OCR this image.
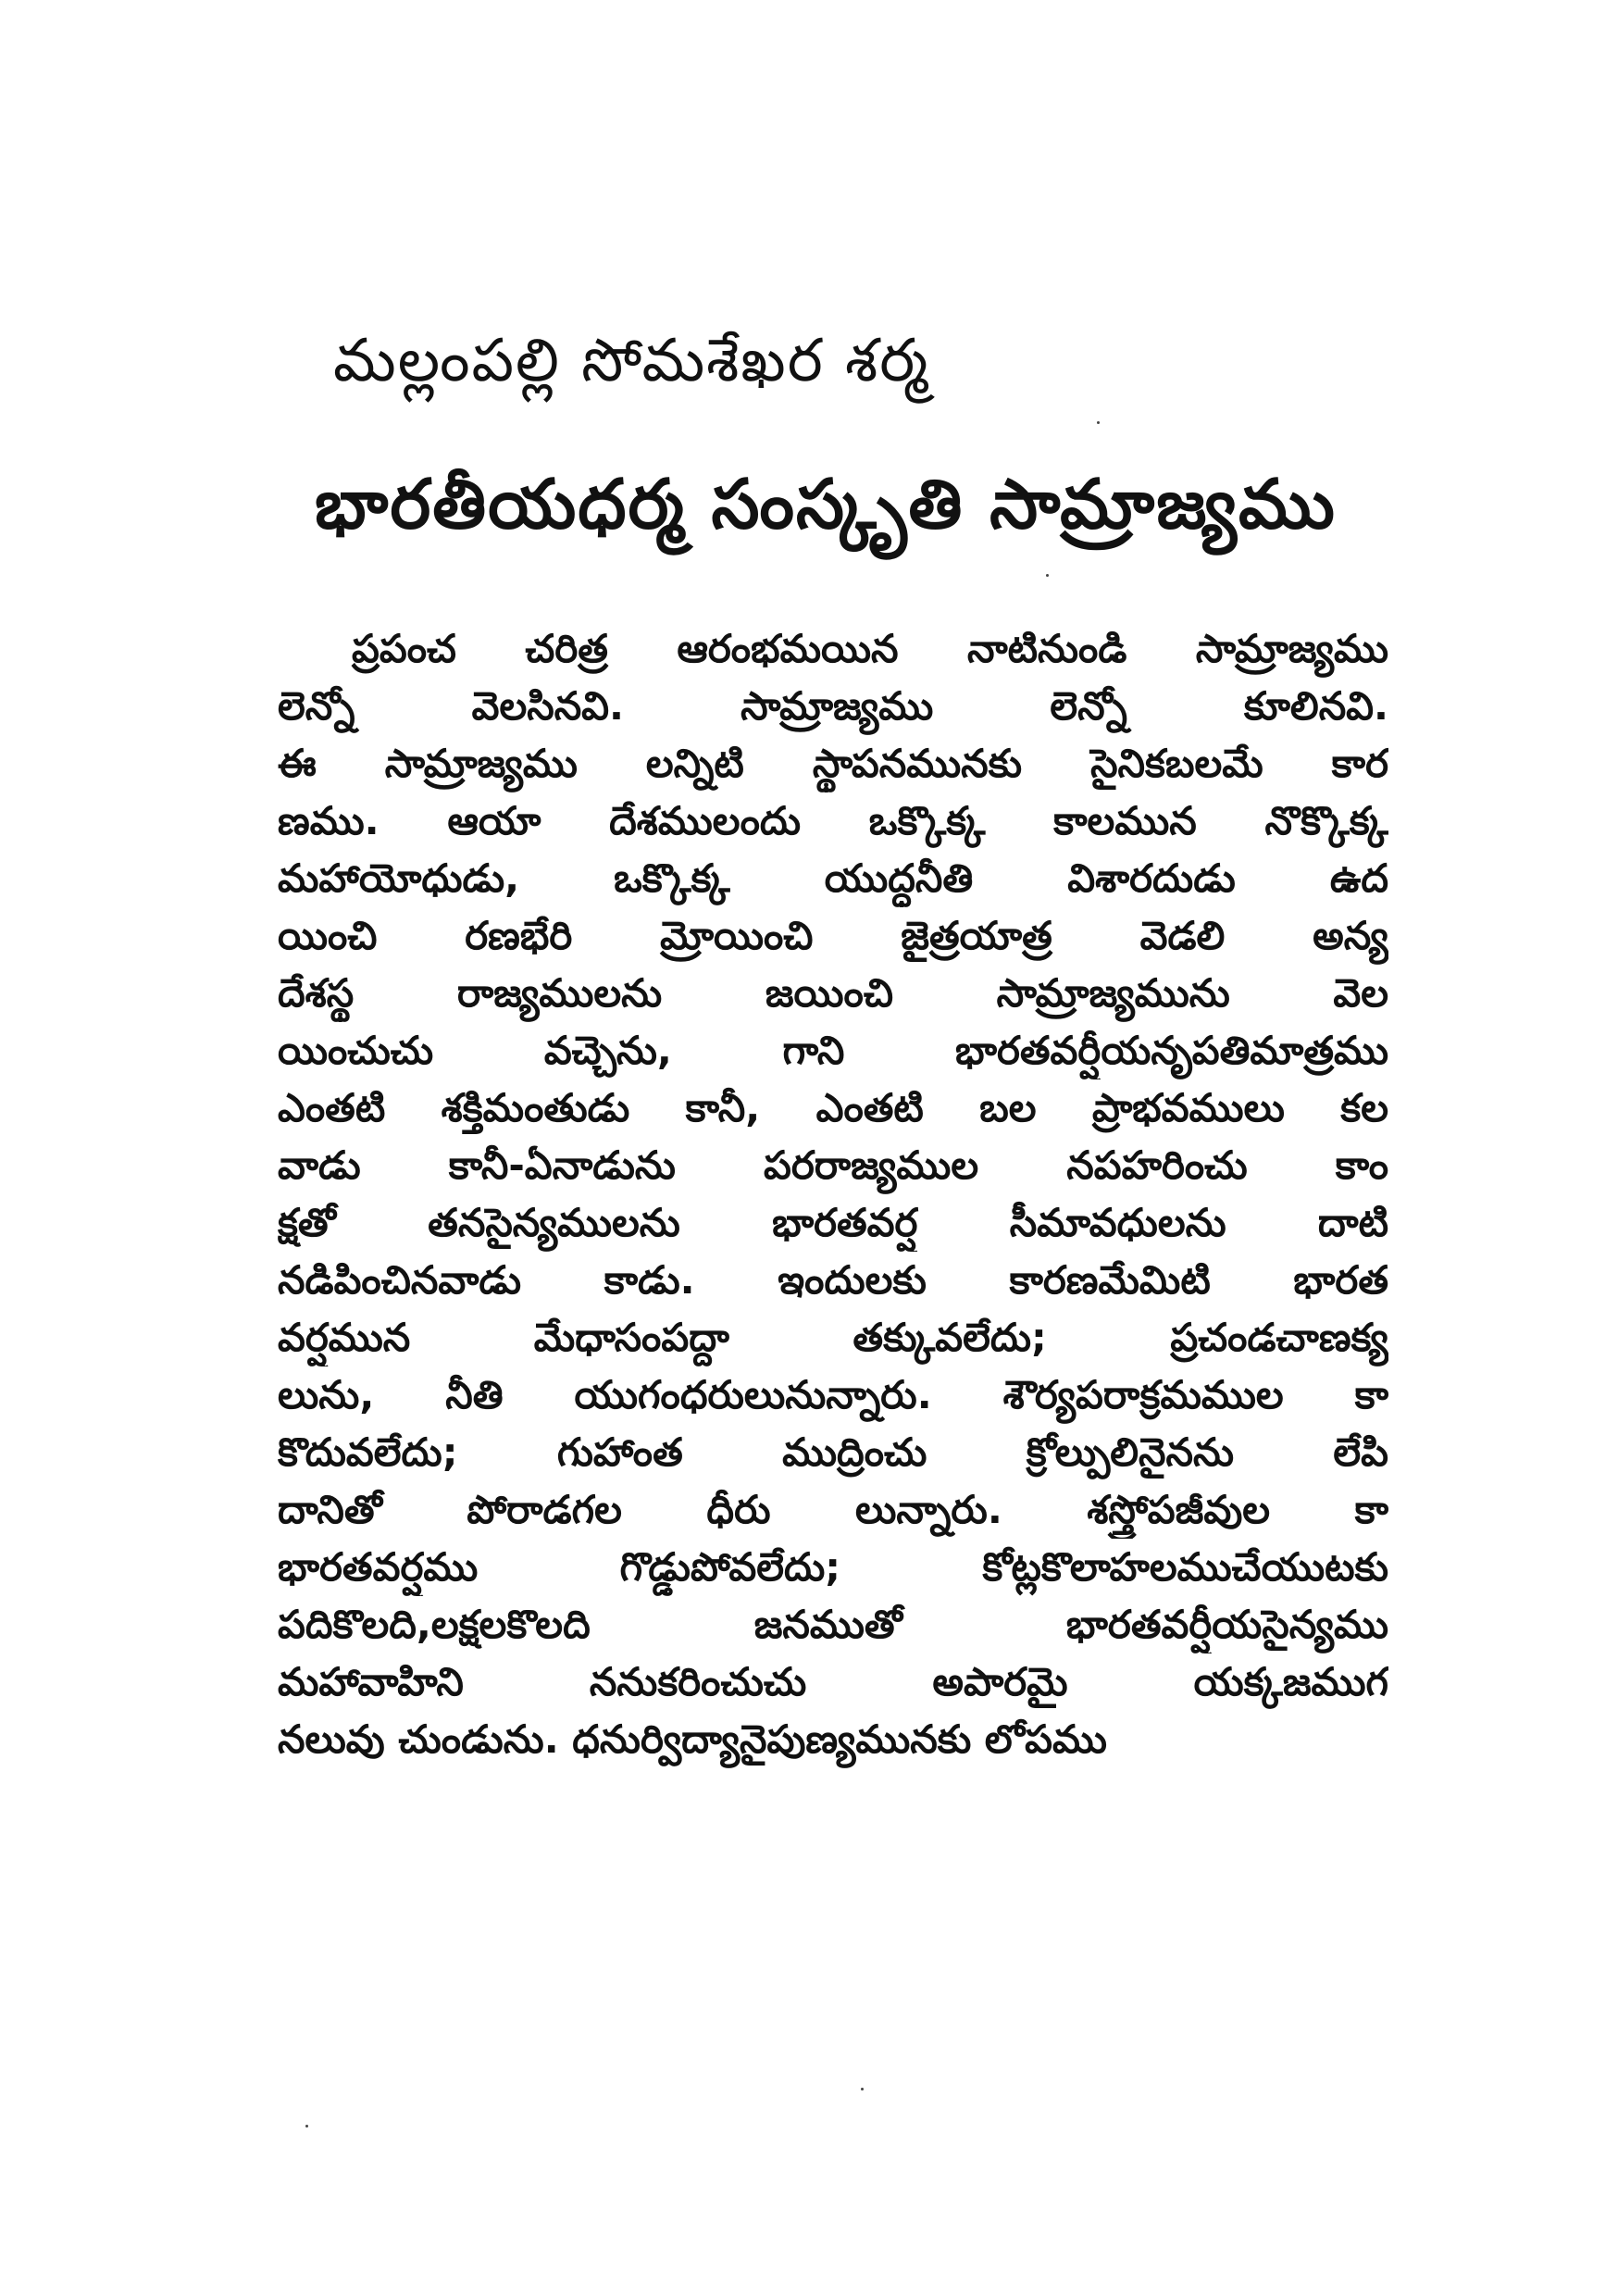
మల్లంపల్లి సోమశేఖర శర్మ
భారతీయధర్మ సంస్కృతి సామ్రాజ్యము
ప్రపంచ చరిత్ర ఆరంభమయిన నాటినుండి సామ్రాజ్యము
లెన్నో వెలసినవి. సామ్రాజ్యము లెన్నో కూలినవి.
ఈ సామ్రాజ్యము లన్నిటి స్థాపనమునకు సైనికబలమే కార
ణము. ఆయా దేశములందు ఒక్కొక్క కాలమున నొక్కొక్క
మహాయోధుడు, ఒక్కొక్క యుద్ధనీతి విశారదుడు ఉద
యించి రణభేరి మ్రోయించి జైత్రయాత్ర వెడలి అన్య
దేశస్థ రాజ్యములను జయించి సామ్రాజ్యమును వెల
యించుచు వచ్చెను, గాని భారతవర్షీయనృపతిమాత్రము
ఎంతటి శక్తిమంతుడు కానీ, ఎంతటి బల ప్రాభవములు కల
వాడు కానీ-ఏనాడును పరరాజ్యముల నపహరించు కాం
క్షతో తనసైన్యములను భారతవర్ష సీమావధులను దాటి
నడిపించినవాడు కాడు. ఇందులకు కారణమేమిటి భారత
వర్షమున మేధాసంపద్దా తక్కువలేదు; ప్రచండచాణక్య
లును, నీతి యుగంధరులునున్నారు. శౌర్యపరాక్రమముల కా
కొదువలేదు; గుహాంత ముద్రించు క్రోల్పులినైనను లేపి
దానితో పోరాడగల ధీరు లున్నారు. శస్త్రోపజీవుల కా
భారతవర్షము గొడ్డుపోవలేదు; కోట్లకొలాహలముచేయుటకు
పదికొలది,లక్షలకొలది జనముతో భారతవర్షీయసైన్యము
మహావాహిని ననుకరించుచు అపారమై యక్కజముగ
నలువు చుండును. ధనుర్విద్యానైపుణ్యమునకు లోపము
